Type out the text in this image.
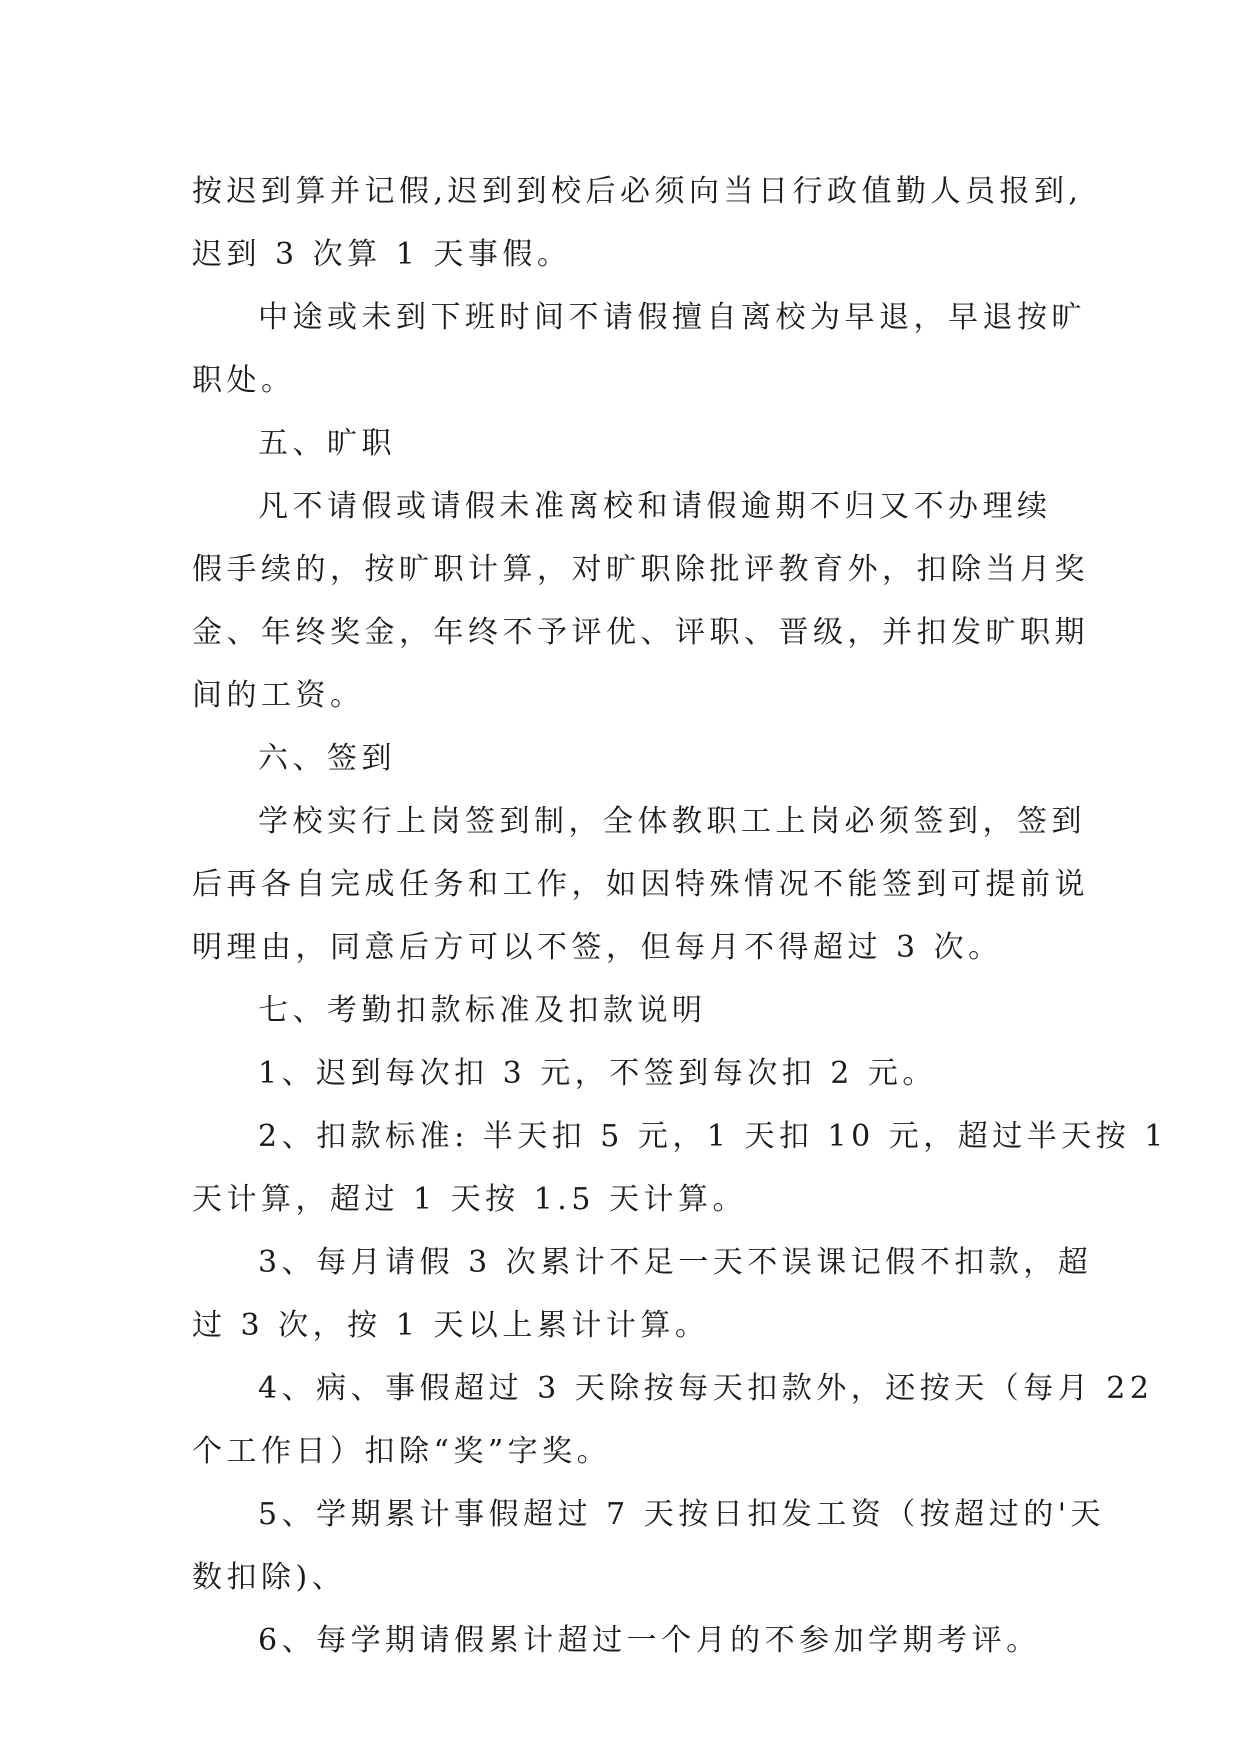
按迟到算并记假,迟到到校后必须向当日行政值勤人员报到,
迟到 3 次算 1 天事假。
中途或未到下班时间不请假擅自离校为早退，早退按旷
职处。
五、旷职
凡不请假或请假未准离校和请假逾期不归又不办理续
假手续的，按旷职计算，对旷职除批评教育外，扣除当月奖
金、年终奖金，年终不予评优、评职、晋级，并扣发旷职期
间的工资。
六、签到
学校实行上岗签到制，全体教职工上岗必须签到，签到
后再各自完成任务和工作，如因特殊情况不能签到可提前说
明理由，同意后方可以不签，但每月不得超过 3 次。
七、考勤扣款标准及扣款说明
1、迟到每次扣 3 元，不签到每次扣 2 元。
2、扣款标准: 半天扣 5 元，1 天扣 10 元，超过半天按 1
天计算，超过 1 天按 1.5 天计算。
3、每月请假 3 次累计不足一天不误课记假不扣款，超
过 3 次，按 1 天以上累计计算。
4、病、事假超过 3 天除按每天扣款外，还按天（每月 22
个工作日）扣除“奖”字奖。
5、学期累计事假超过 7 天按日扣发工资（按超过的'天
数扣除)、
6、每学期请假累计超过一个月的不参加学期考评。
